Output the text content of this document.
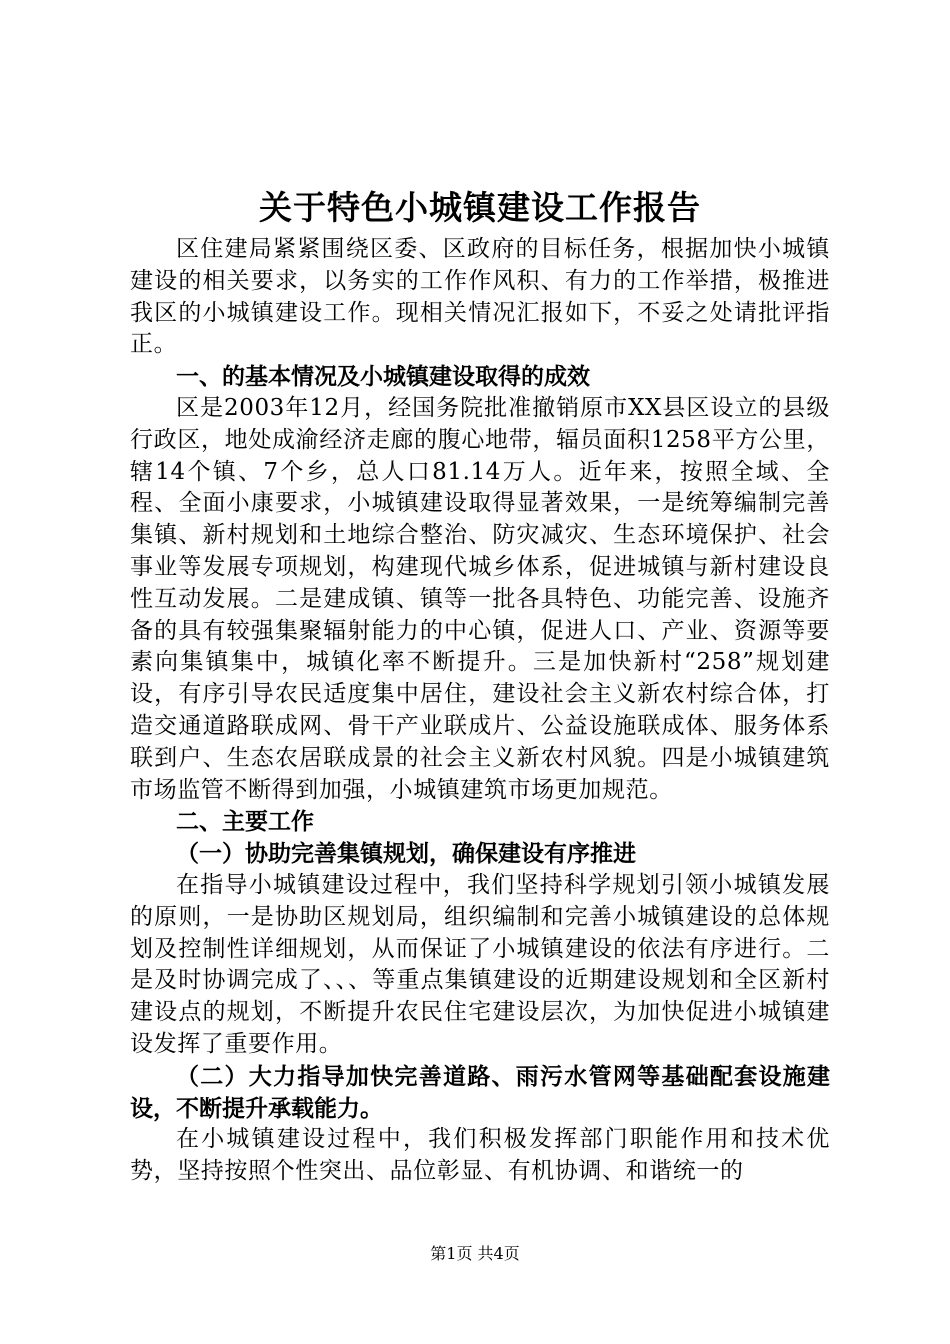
关于特色小城镇建设工作报告

区住建局紧紧围绕区委、区政府的目标任务，根据加快小城镇建设的相关要求，以务实的工作作风积、有力的工作举措，极推进我区的小城镇建设工作。现相关情况汇报如下，不妥之处请批评指正。

一、的基本情况及小城镇建设取得的成效

区是2003年12月，经国务院批准撤销原市XX县区设立的县级行政区，地处成渝经济走廊的腹心地带，辐员面积1258平方公里，辖14个镇、7个乡，总人口81.14万人。近年来，按照全域、全程、全面小康要求，小城镇建设取得显著效果，一是统筹编制完善集镇、新村规划和土地综合整治、防灾减灾、生态环境保护、社会事业等发展专项规划，构建现代城乡体系，促进城镇与新村建设良性互动发展。二是建成镇、镇等一批各具特色、功能完善、设施齐备的具有较强集聚辐射能力的中心镇，促进人口、产业、资源等要素向集镇集中，城镇化率不断提升。三是加快新村“258”规划建设，有序引导农民适度集中居住，建设社会主义新农村综合体，打造交通道路联成网、骨干产业联成片、公益设施联成体、服务体系联到户、生态农居联成景的社会主义新农村风貌。四是小城镇建筑市场监管不断得到加强，小城镇建筑市场更加规范。

二、主要工作

（一）协助完善集镇规划，确保建设有序推进

在指导小城镇建设过程中，我们坚持科学规划引领小城镇发展的原则，一是协助区规划局，组织编制和完善小城镇建设的总体规划及控制性详细规划，从而保证了小城镇建设的依法有序进行。二是及时协调完成了、、、等重点集镇建设的近期建设规划和全区新村建设点的规划，不断提升农民住宅建设层次，为加快促进小城镇建设发挥了重要作用。

（二）大力指导加快完善道路、雨污水管网等基础配套设施建设，不断提升承载能力。

在小城镇建设过程中，我们积极发挥部门职能作用和技术优势，坚持按照个性突出、品位彰显、有机协调、和谐统一的

第1页 共4页
